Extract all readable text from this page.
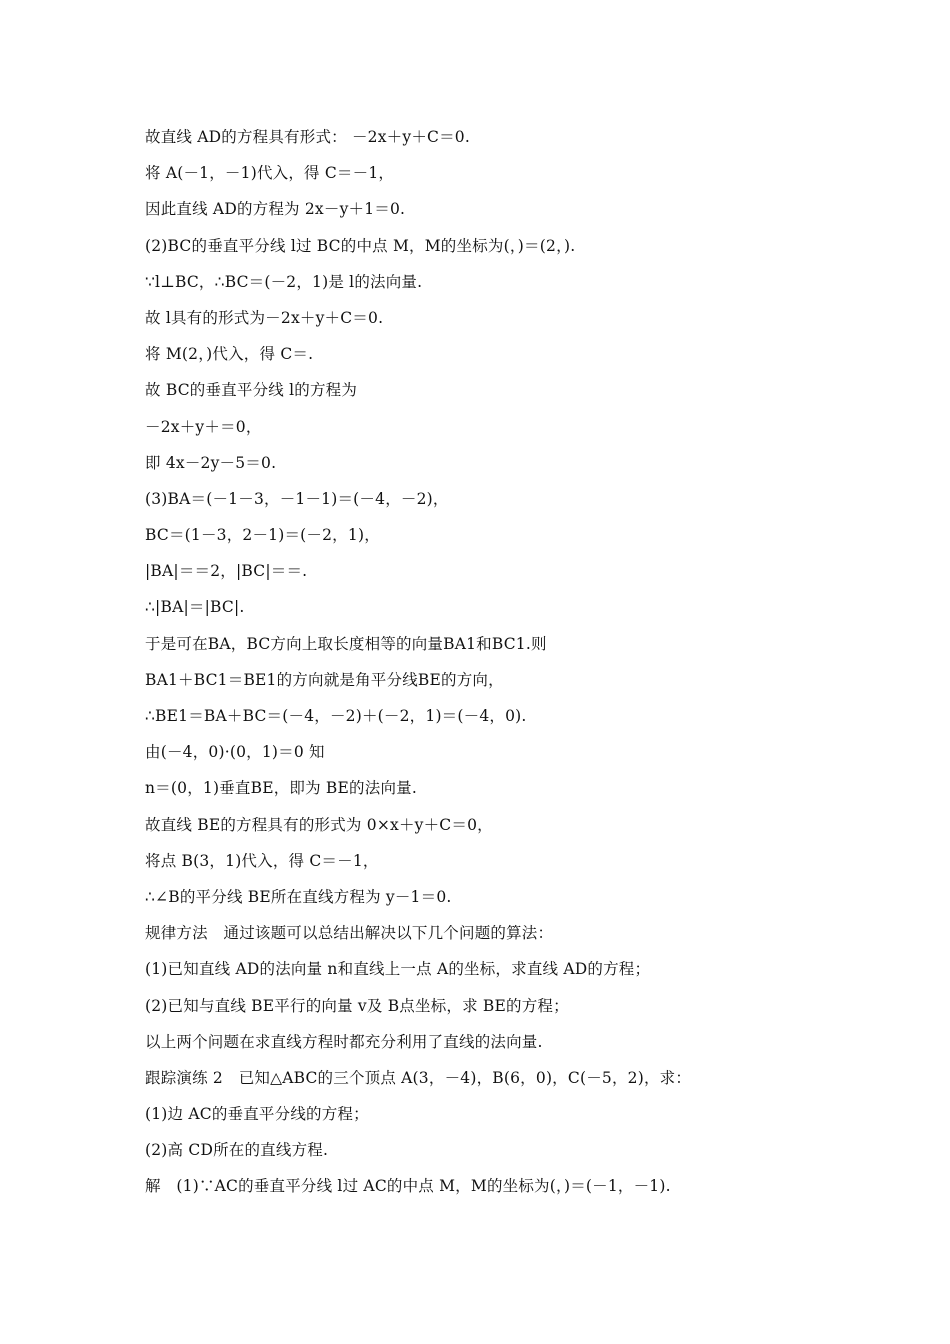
故直线 AD的方程具有形式： －2x＋y＋C＝0.
将 A(－1，－1)代入，得 C＝－1，
因此直线 AD的方程为 2x－y＋1＝0.
(2)BC的垂直平分线 l过 BC的中点 M，M的坐标为(，)＝(2，).
∵l⊥BC，∴BC＝(－2，1)是 l的法向量.
故 l具有的形式为－2x＋y＋C＝0.
将 M(2，)代入，得 C＝.
故 BC的垂直平分线 l的方程为
－2x＋y＋＝0，
即 4x－2y－5＝0.
(3)BA＝(－1－3，－1－1)＝(－4，－2)，
BC＝(1－3，2－1)＝(－2，1)，
|BA|＝＝2，|BC|＝＝.
∴|BA|＝|BC|.
于是可在BA，BC方向上取长度相等的向量BA1和BC1.则
BA1＋BC1＝BE1的方向就是角平分线BE的方向，
∴BE1＝BA＋BC＝(－4，－2)＋(－2，1)＝(－4，0).
由(－4，0)·(0，1)＝0 知
n＝(0，1)垂直BE，即为 BE的法向量.
故直线 BE的方程具有的形式为 0×x＋y＋C＝0，
将点 B(3，1)代入，得 C＝－1，
∴∠B的平分线 BE所在直线方程为 y－1＝0.
规律方法　通过该题可以总结出解决以下几个问题的算法：
(1)已知直线 AD的法向量 n和直线上一点 A的坐标，求直线 AD的方程；
(2)已知与直线 BE平行的向量 v及 B点坐标，求 BE的方程；
以上两个问题在求直线方程时都充分利用了直线的法向量.
跟踪演练 2　已知△ABC的三个顶点 A(3，－4)，B(6，0)，C(－5，2)，求：
(1)边 AC的垂直平分线的方程；
(2)高 CD所在的直线方程.
解　(1)∵AC的垂直平分线 l过 AC的中点 M，M的坐标为(，)＝(－1，－1).
